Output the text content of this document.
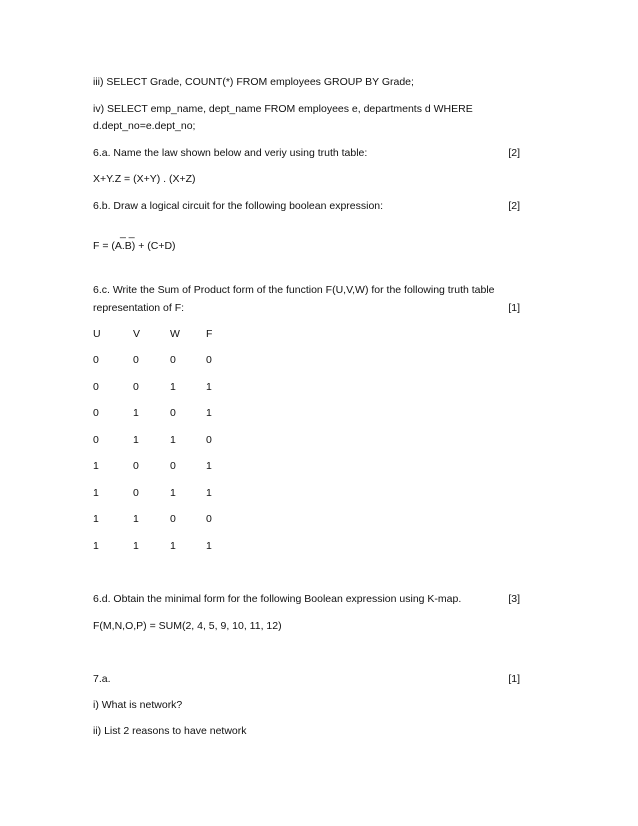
iii) SELECT Grade, COUNT(*) FROM employees GROUP BY Grade;
iv) SELECT emp_name, dept_name FROM employees e, departments d WHERE
d.dept_no=e.dept_no;
6.a. Name the law shown below and veriy using truth table:	[2]
X+Y.Z = (X+Y) . (X+Z)
6.b. Draw a logical circuit for the following boolean expression:	[2]
_ _
F = (A.B) + (C+D)
6.c. Write the Sum of Product form of the function F(U,V,W) for the following truth table
representation of F:	[1]
U	V	W	F
0	0	0	0
0	0	1	1
0	1	0	1
0	1	1	0
1	0	0	1
1	0	1	1
1	1	0	0
1	1	1	1
6.d. Obtain the minimal form for the following Boolean expression using K-map.	[3]
F(M,N,O,P) = SUM(2, 4, 5, 9, 10, 11, 12)
7.a.	[1]
i) What is network?
ii) List 2 reasons to have network
